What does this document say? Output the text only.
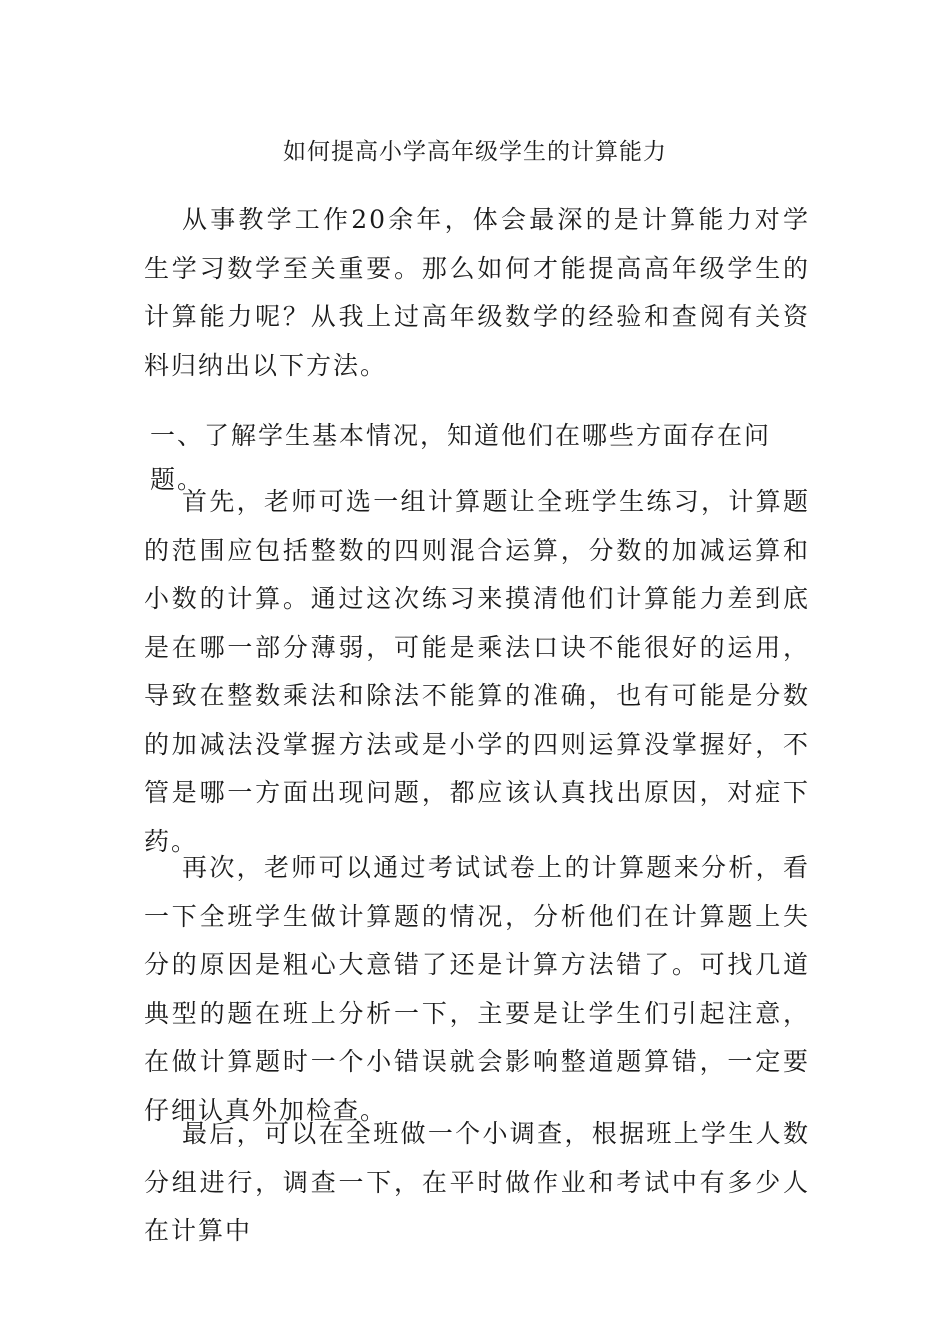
如何提高小学高年级学生的计算能力

从事教学工作20余年，体会最深的是计算能力对学生学习数学至关重要。那么如何才能提高高年级学生的计算能力呢？从我上过高年级数学的经验和查阅有关资料归纳出以下方法。

一、了解学生基本情况，知道他们在哪些方面存在问题。

首先，老师可选一组计算题让全班学生练习，计算题的范围应包括整数的四则混合运算，分数的加减运算和小数的计算。通过这次练习来摸清他们计算能力差到底是在哪一部分薄弱，可能是乘法口诀不能很好的运用，导致在整数乘法和除法不能算的准确，也有可能是分数的加减法没掌握方法或是小学的四则运算没掌握好，不管是哪一方面出现问题，都应该认真找出原因，对症下药。

再次，老师可以通过考试试卷上的计算题来分析，看一下全班学生做计算题的情况，分析他们在计算题上失分的原因是粗心大意错了还是计算方法错了。可找几道典型的题在班上分析一下，主要是让学生们引起注意，在做计算题时一个小错误就会影响整道题算错，一定要仔细认真外加检查。

最后，可以在全班做一个小调查，根据班上学生人数分组进行，调查一下，在平时做作业和考试中有多少人在计算中
